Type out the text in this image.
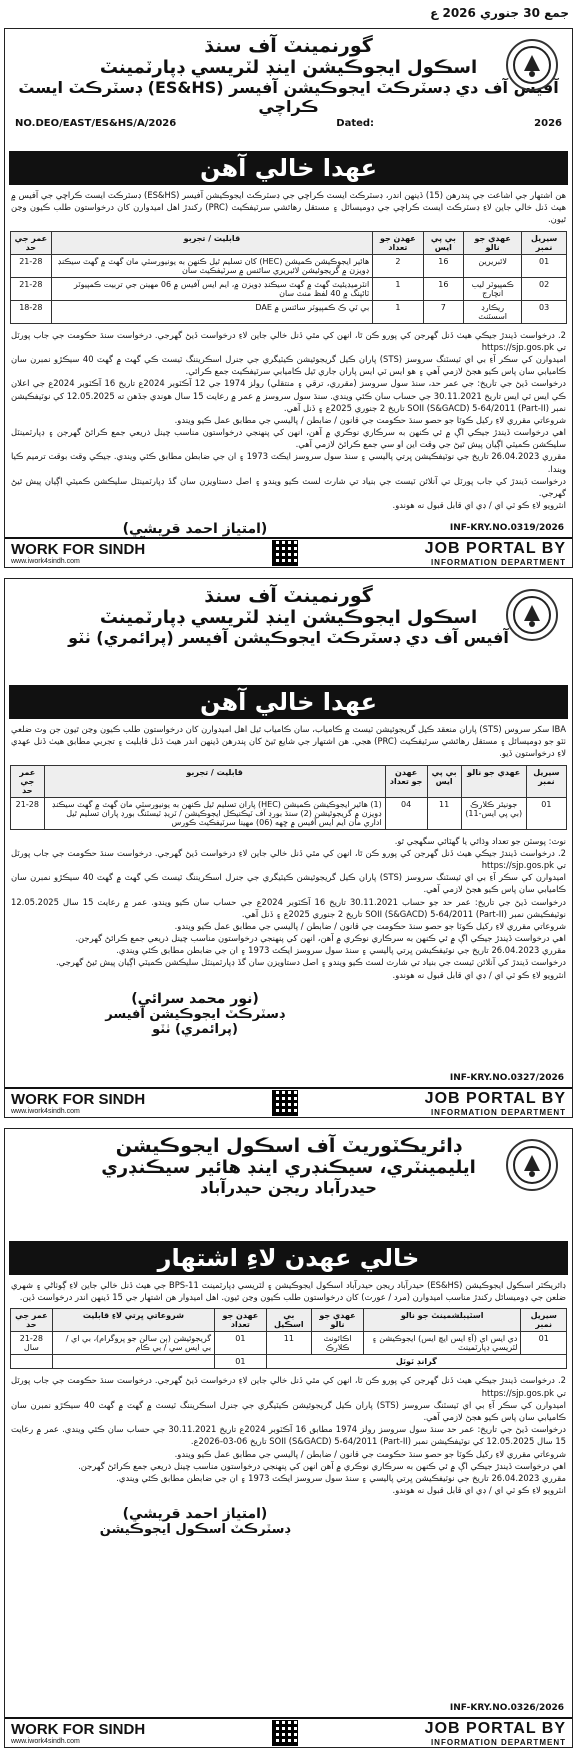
جمع 30 جنوري 2026 ع
گورنمينٽ آف سنڌ
اسڪول ايجوڪيشن اينڊ لٽريسي ڊپارٽمينٽ
آفيس آف دي ڊسٽرڪٽ ايجوڪيشن آفيسر (ES&HS) ڊسٽرڪٽ ايسٽ ڪراچي
NO.DEO/EAST/ES&HS/A/2026	Dated:	2026
عهدا خالي آهن
هن اشتهار جي اشاعت جي پندرهن (15) ڏينهن اندر، ڊسٽرڪٽ ايسٽ ڪراچي جي ڊسٽرڪٽ ايجوڪيشن آفيسر (ES&HS) ڊسٽرڪٽ ايسٽ ڪراچي جي آفيس ۾ هيٺ ڏنل خالي جاين لاءِ ڊسٽرڪٽ ايسٽ ڪراچي جي ڊوميسائل ۽ مستقل رهائشي سرٽيفڪيٽ (PRC) رکندڙ اهل اميدوارن کان درخواستون طلب ڪيون وڃن ٿيون.
سيريل نمبر	عهدي جو نالو	بي پي ايس	عهدن جو تعداد	قابليت / تجربو	عمر جي حد
01	لائبريرين	16	2	هائير ايجوڪيشن ڪميشن (HEC) کان تسليم ٿيل ڪنهن به يونيورسٽي مان گهٽ ۾ گهٽ سيڪنڊ ڊويزن ۾ گريجوئيشن لائبريري سائنس ۾ سرٽيفڪيٽ سان	21-28
02	ڪمپيوٽر ليب انچارج	16	1	انٽرميڊيئيٽ گهٽ ۾ گهٽ سيڪنڊ ڊويزن ۾، ايم ايس آفيس ۾ 06 مهينن جي تربيت ڪمپيوٽر ٽائپنگ ۾ 40 لفظ منٽ سان	21-28
03	ريڪارڊ اسسٽنٽ	7	1	بي ٽي ڪ ڪمپيوٽر سائنس ۾ DAE	18-28
2. درخواست ڏيندڙ جيڪي هيٺ ڏنل گهرجن کي پورو ڪن ٿا، انهن کي مٿي ڏنل خالي جاين لاءِ درخواست ڏيڻ گهرجي. درخواست سنڌ حڪومت جي جاب پورٽل تي https://sjp.gos.pk
اميدوارن کي سڪر آءِ بي اي ٽيسٽنگ سروسز (STS) پاران ڪيل گريجوئيشن ڪيٽيگري جي جنرل اسڪريننگ ٽيسٽ ڪي گهٽ ۾ گهٽ 40 سيڪڙو نمبرن سان ڪاميابي سان پاس ڪيو هجڻ لازمي آهي ۽ هو ايس ٽي ايس پاران جاري ٿيل ڪاميابي سرٽيفڪيٽ جمع ڪرائي.
درخواست ڏيڻ جي تاريخ: جي عمر حد، سنڌ سول سروسز (مقرري، ترقي ۽ منتقلي) رولز 1974 جي 12 آڪٽوبر 2024ع تاريخ 16 آڪٽوبر 2024ع جي اعلان ڪي ايس ٽي ايس تاريخ 30.11.2021 جي حساب سان ڪئي ويندي. سنڌ سول سروسز ۾ عمر ۾ رعايت 15 سال هوندي جڏهن ته 12.05.2025 کي نوٽيفڪيشن نمبر SOII (S&GACD) 5-64/2011 (Part-II) تاريخ 2 جنوري 2025ع ۽ ڏنل آهي.
شروعاتي مقرري لاءِ رکيل ڪوٽا جو حصو سنڌ حڪومت جي قانون / ضابطن / پاليسي جي مطابق عمل ڪيو ويندو.
اهي درخواست ڏيندڙ جيڪي اڳ ۾ ئي ڪنهن به سرڪاري نوڪري ۾ آهن، انهن کي پنهنجي درخواستون مناسب چينل ذريعي جمع ڪرائڻ گهرجن ۽ ڊپارٽمينٽل سليڪشن ڪميٽي اڳيان پيش ٿيڻ جي وقت اين او سي جمع ڪرائڻ لازمي آهي.
مقرري 26.04.2023 تاريخ جي نوٽيفڪيشن ڀرتي پاليسي ۽ سنڌ سول سروسز ايڪٽ 1973 ۽ ان جي ضابطن مطابق ڪئي ويندي. جيڪي وقت بوقت ترميم ڪيا ويندا.
درخواست ڏيندڙ کي جاب پورٽل تي آنلائن ٽيسٽ جي بنياد تي شارٽ لسٽ ڪيو ويندو ۽ اصل دستاويزن سان گڏ ڊپارٽمينٽل سليڪشن ڪميٽي اڳيان پيش ٿيڻ گهرجي.
انٽرويو لاءِ ڪو ٽي اي / ڊي اي قابل قبول نه هوندو.
(امتياز احمد قريشي)	INF-KRY.NO.0319/2026
WORK FOR SINDH
www.iwork4sindh.com
JOB PORTAL BY
INFORMATION DEPARTMENT
گورنمينٽ آف سنڌ
اسڪول ايجوڪيشن اينڊ لٽريسي ڊپارٽمينٽ
آفيس آف دي ڊسٽرڪٽ ايجوڪيشن آفيسر (پرائمري) ٺٽو
عهدا خالي آهن
IBA سکر سروس (STS) پاران منعقد ڪيل گريجوئيشن ٽيسٽ ۾ ڪامياب، سان ڪامياب ٿيل اهل اميدوارن کان درخواستون طلب ڪيون وڃن ٿيون جن وٽ ضلعي ٺٽو جو ڊوميسائل ۽ مستقل رهائشي سرٽيفڪيٽ (PRC) هجي. هن اشتهار جي شايع ٿيڻ کان پندرهن ڏينهن اندر هيٺ ڏنل قابليت ۽ تجربي مطابق هيٺ ڏنل عهدي لاءِ درخواستون ڏيو.
سيريل نمبر	عهدي جو نالو	بي پي ايس	عهدن جو تعداد	قابليت / تجربو	عمر جي حد
01	جونيئر ڪلارڪ (بي پي ايس-11)	11	04	(1) هائير ايجوڪيشن ڪميشن (HEC) پاران تسليم ٿيل ڪنهن به يونيورسٽي مان گهٽ ۾ گهٽ سيڪنڊ ڊويزن ۾ گريجوئيشن (2) سنڌ بورڊ آف ٽيڪنيڪل ايجوڪيشن / ٽريڊ ٽيسٽنگ بورڊ پاران تسليم ٿيل اداري مان ايم ايس آفيس ۾ ڇهه (06) مهينا سرٽيفڪيٽ ڪورس	21-28
نوٽ: پوسٽن جو تعداد وڌائي يا گهٽائي سگهجي ٿو.
2. درخواست ڏيندڙ جيڪي هيٺ ڏنل گهرجن کي پورو ڪن ٿا، انهن کي مٿي ڏنل خالي جاين لاءِ درخواست ڏيڻ گهرجي. درخواست سنڌ حڪومت جي جاب پورٽل تي https://sjp.gos.pk
اميدوارن کي سڪر آءِ بي اي ٽيسٽنگ سروسز (STS) پاران ڪيل گريجوئيشن ڪيٽيگري جي جنرل اسڪريننگ ٽيسٽ ڪي گهٽ ۾ گهٽ 40 سيڪڙو نمبرن سان ڪاميابي سان پاس ڪيو هجڻ لازمي آهي.
درخواست ڏيڻ جي تاريخ: عمر حد جو حساب 30.11.2021 تاريخ 16 آڪٽوبر 2024ع جي حساب سان ڪيو ويندو. عمر ۾ رعايت 15 سال 12.05.2025 نوٽيفڪيشن نمبر SOII (S&GACD) 5-64/2011 (Part-II) تاريخ 2 جنوري 2025ع ۽ ڏنل آهي.
شروعاتي مقرري لاءِ رکيل ڪوٽا جو حصو سنڌ حڪومت جي قانون / ضابطن / پاليسي جي مطابق عمل ڪيو ويندو.
اهي درخواست ڏيندڙ جيڪي اڳ ۾ ئي ڪنهن به سرڪاري نوڪري ۾ آهن، انهن کي پنهنجي درخواستون مناسب چينل ذريعي جمع ڪرائڻ گهرجن.
مقرري 26.04.2023 تاريخ جي نوٽيفڪيشن ڀرتي پاليسي ۽ سنڌ سول سروسز ايڪٽ 1973 ۽ ان جي ضابطن مطابق ڪئي ويندي.
درخواست ڏيندڙ کي آنلائن ٽيسٽ جي بنياد تي شارٽ لسٽ ڪيو ويندو ۽ اصل دستاويزن سان گڏ ڊپارٽمينٽل سليڪشن ڪميٽي اڳيان پيش ٿيڻ گهرجي.
انٽرويو لاءِ ڪو ٽي اي / ڊي اي قابل قبول نه هوندو.
(نور محمد سرائي)
ڊسٽرڪٽ ايجوڪيشن آفيسر
(پرائمري) ٺٽو
INF-KRY.NO.0327/2026
WORK FOR SINDH
www.iwork4sindh.com
JOB PORTAL BY
INFORMATION DEPARTMENT
ڊائريڪٽوريٽ آف اسڪول ايجوڪيشن
ايليمينٽري، سيڪنڊري اينڊ هائير سيڪنڊري
حيدرآباد ريجن حيدرآباد
خالي عهدن لاءِ اشتهار
ڊائريڪٽر اسڪول ايجوڪيشن (ES&HS) حيدرآباد ريجن حيدرآباد اسڪول ايجوڪيشن ۽ لٽريسي ڊپارٽمينٽ BPS-11 جي هيٺ ڏنل خالي جاين لاءِ ڳوٺاڻي ۽ شهري ضلعن جي ڊوميسائل رکندڙ مناسب اميدوارن (مرد / عورت) کان درخواستون طلب ڪيون وڃن ٿيون. اهل اميدوار هن اشتهار جي 15 ڏينهن اندر درخواست ڏين.
سيريل نمبر	اسٽيبلشمينٽ جو نالو	عهدي جو نالو	بي اسڪيل	عهدن جو تعداد	شروعاتي ڀرتي لاءِ قابليت	عمر جي حد
01	دي ايس اي (آءِ ايس ايچ ايس) ايجوڪيشن ۽ لٽريسي ڊپارٽمينٽ	اڪائونٽ ڪلارڪ	11	01	گريجوئيشن (ٻن سالن جو پروگرام)، بي اي / بي ايس سي / بي ڪام	21-28 سال
گرانڊ ٽوٽل				01		
2. درخواست ڏيندڙ جيڪي هيٺ ڏنل گهرجن کي پورو ڪن ٿا، انهن کي مٿي ڏنل خالي جاين لاءِ درخواست ڏيڻ گهرجي. درخواست سنڌ حڪومت جي جاب پورٽل تي https://sjp.gos.pk
اميدوارن کي سڪر آءِ بي اي ٽيسٽنگ سروسز (STS) پاران ڪيل گريجوئيشن ڪيٽيگري جي جنرل اسڪريننگ ٽيسٽ ۾ گهٽ ۾ گهٽ 40 سيڪڙو نمبرن سان ڪاميابي سان پاس ڪيو هجڻ لازمي آهي.
درخواست ڏيڻ جي تاريخ: عمر حد سنڌ سول سروسز رولز 1974 مطابق 16 آڪٽوبر 2024ع تاريخ 30.11.2021 جي حساب سان ڪئي ويندي. عمر ۾ رعايت 15 سال 12.05.2025 کي نوٽيفڪيشن نمبر SOII (S&GACD) 5-64/2011 (Part-II) تاريخ 06-03-2026ع.
شروعاتي مقرري لاءِ رکيل ڪوٽا جو حصو سنڌ حڪومت جي قانون / ضابطن / پاليسي جي مطابق عمل ڪيو ويندو.
اهي درخواست ڏيندڙ جيڪي اڳ ۾ ئي ڪنهن به سرڪاري نوڪري ۾ آهن انهن کي پنهنجي درخواستون مناسب چينل ذريعي جمع ڪرائڻ گهرجن.
مقرري 26.04.2023 تاريخ جي نوٽيفڪيشن ڀرتي پاليسي ۽ سنڌ سول سروسز ايڪٽ 1973 ۽ ان جي ضابطن مطابق ڪئي ويندي.
انٽرويو لاءِ ڪو ٽي اي / ڊي اي قابل قبول نه هوندو.
(امتياز احمد قريشي)
ڊسٽرڪٽ اسڪول ايجوڪيشن
INF-KRY.NO.0326/2026
WORK FOR SINDH
www.iwork4sindh.com
JOB PORTAL BY
INFORMATION DEPARTMENT
